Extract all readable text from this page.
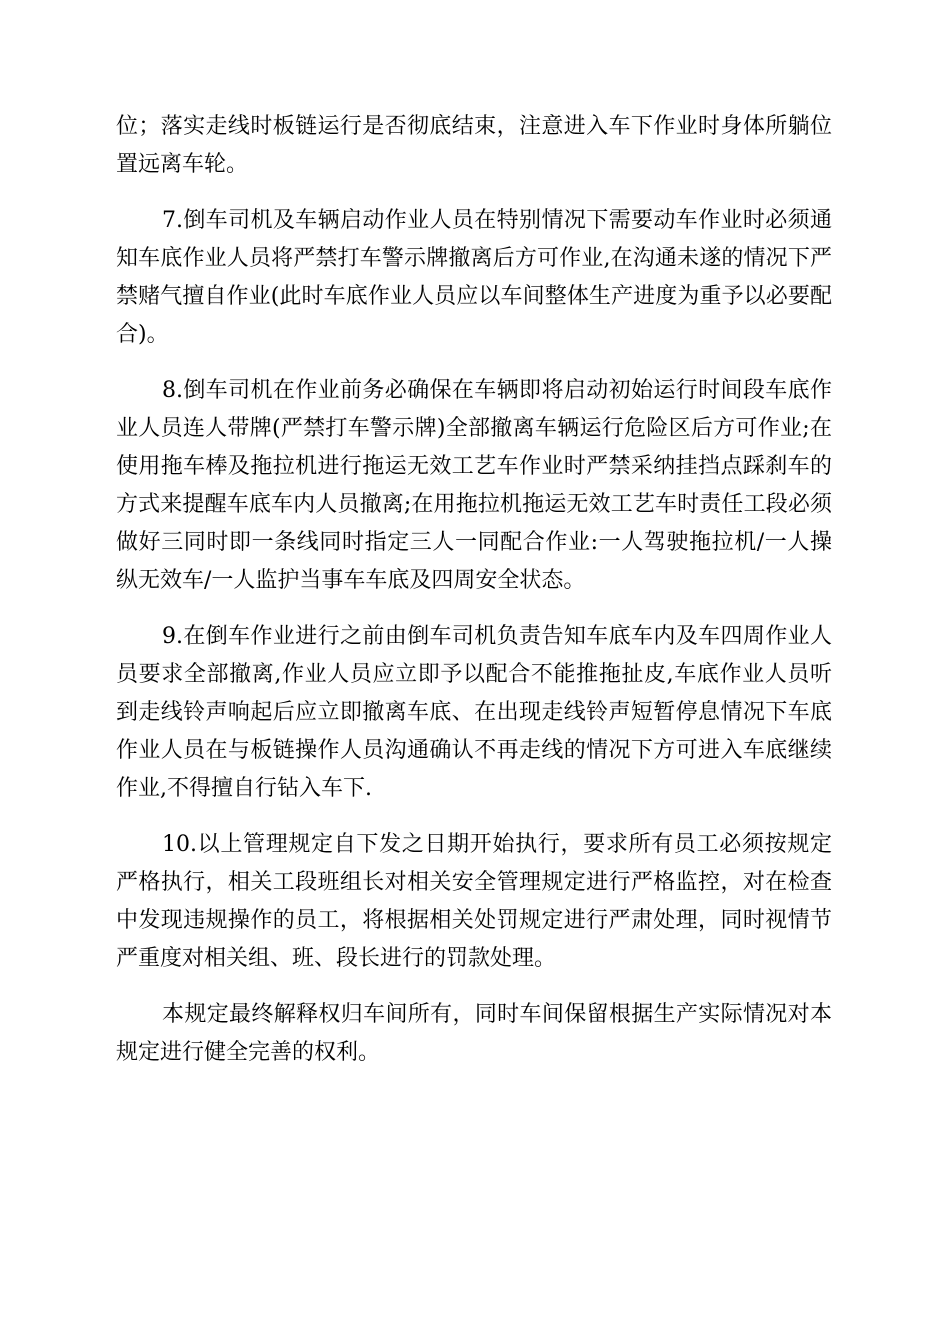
位；落实走线时板链运行是否彻底结束，注意进入车下作业时身体所躺位置远离车轮。

7.倒车司机及车辆启动作业人员在特别情况下需要动车作业时必须通知车底作业人员将严禁打车警示牌撤离后方可作业,在沟通未遂的情况下严禁赌气擅自作业(此时车底作业人员应以车间整体生产进度为重予以必要配合)。

8.倒车司机在作业前务必确保在车辆即将启动初始运行时间段车底作业人员连人带牌(严禁打车警示牌)全部撤离车辆运行危险区后方可作业;在使用拖车棒及拖拉机进行拖运无效工艺车作业时严禁采纳挂挡点踩刹车的方式来提醒车底车内人员撤离;在用拖拉机拖运无效工艺车时责任工段必须做好三同时即一条线同时指定三人一同配合作业:一人驾驶拖拉机/一人操纵无效车/一人监护当事车车底及四周安全状态。

9.在倒车作业进行之前由倒车司机负责告知车底车内及车四周作业人员要求全部撤离,作业人员应立即予以配合不能推拖扯皮,车底作业人员听到走线铃声响起后应立即撤离车底、在出现走线铃声短暂停息情况下车底作业人员在与板链操作人员沟通确认不再走线的情况下方可进入车底继续作业,不得擅自行钻入车下.

10.以上管理规定自下发之日期开始执行，要求所有员工必须按规定严格执行，相关工段班组长对相关安全管理规定进行严格监控，对在检查中发现违规操作的员工，将根据相关处罚规定进行严肃处理，同时视情节严重度对相关组、班、段长进行的罚款处理。

本规定最终解释权归车间所有，同时车间保留根据生产实际情况对本规定进行健全完善的权利。
